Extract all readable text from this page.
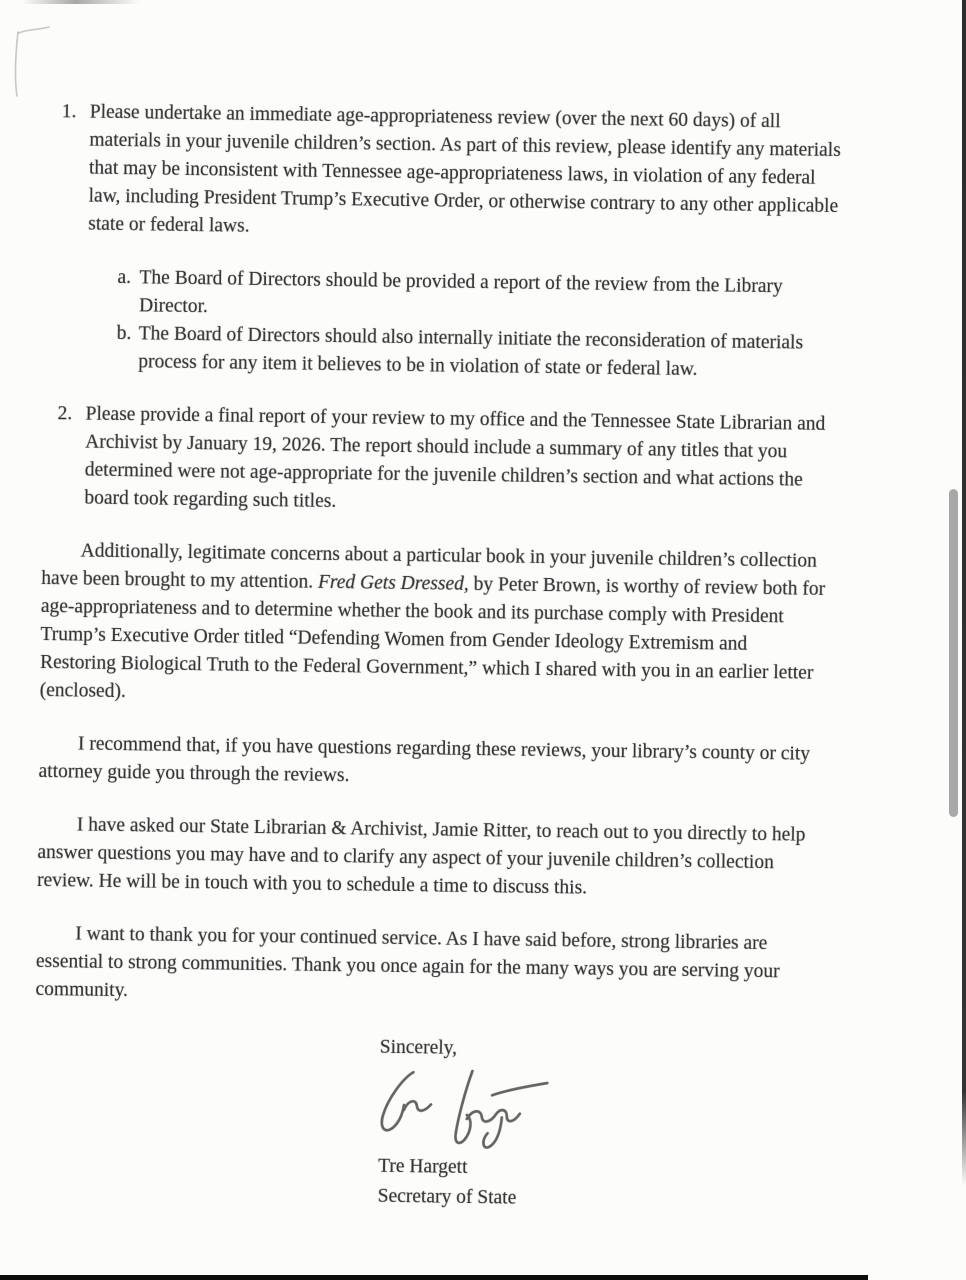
1. Please undertake an immediate age-appropriateness review (over the next 60 days) of all
materials in your juvenile children’s section. As part of this review, please identify any materials
that may be inconsistent with Tennessee age-appropriateness laws, in violation of any federal
law, including President Trump’s Executive Order, or otherwise contrary to any other applicable
state or federal laws.
a. The Board of Directors should be provided a report of the review from the Library
Director.
b. The Board of Directors should also internally initiate the reconsideration of materials
process for any item it believes to be in violation of state or federal law.
2. Please provide a final report of your review to my office and the Tennessee State Librarian and
Archivist by January 19, 2026. The report should include a summary of any titles that you
determined were not age-appropriate for the juvenile children’s section and what actions the
board took regarding such titles.
Additionally, legitimate concerns about a particular book in your juvenile children’s collection
have been brought to my attention. Fred Gets Dressed, by Peter Brown, is worthy of review both for
age-appropriateness and to determine whether the book and its purchase comply with President
Trump’s Executive Order titled “Defending Women from Gender Ideology Extremism and
Restoring Biological Truth to the Federal Government,” which I shared with you in an earlier letter
(enclosed).
I recommend that, if you have questions regarding these reviews, your library’s county or city
attorney guide you through the reviews.
I have asked our State Librarian & Archivist, Jamie Ritter, to reach out to you directly to help
answer questions you may have and to clarify any aspect of your juvenile children’s collection
review. He will be in touch with you to schedule a time to discuss this.
I want to thank you for your continued service. As I have said before, strong libraries are
essential to strong communities. Thank you once again for the many ways you are serving your
community.
Sincerely,
Tre Hargett
Secretary of State
